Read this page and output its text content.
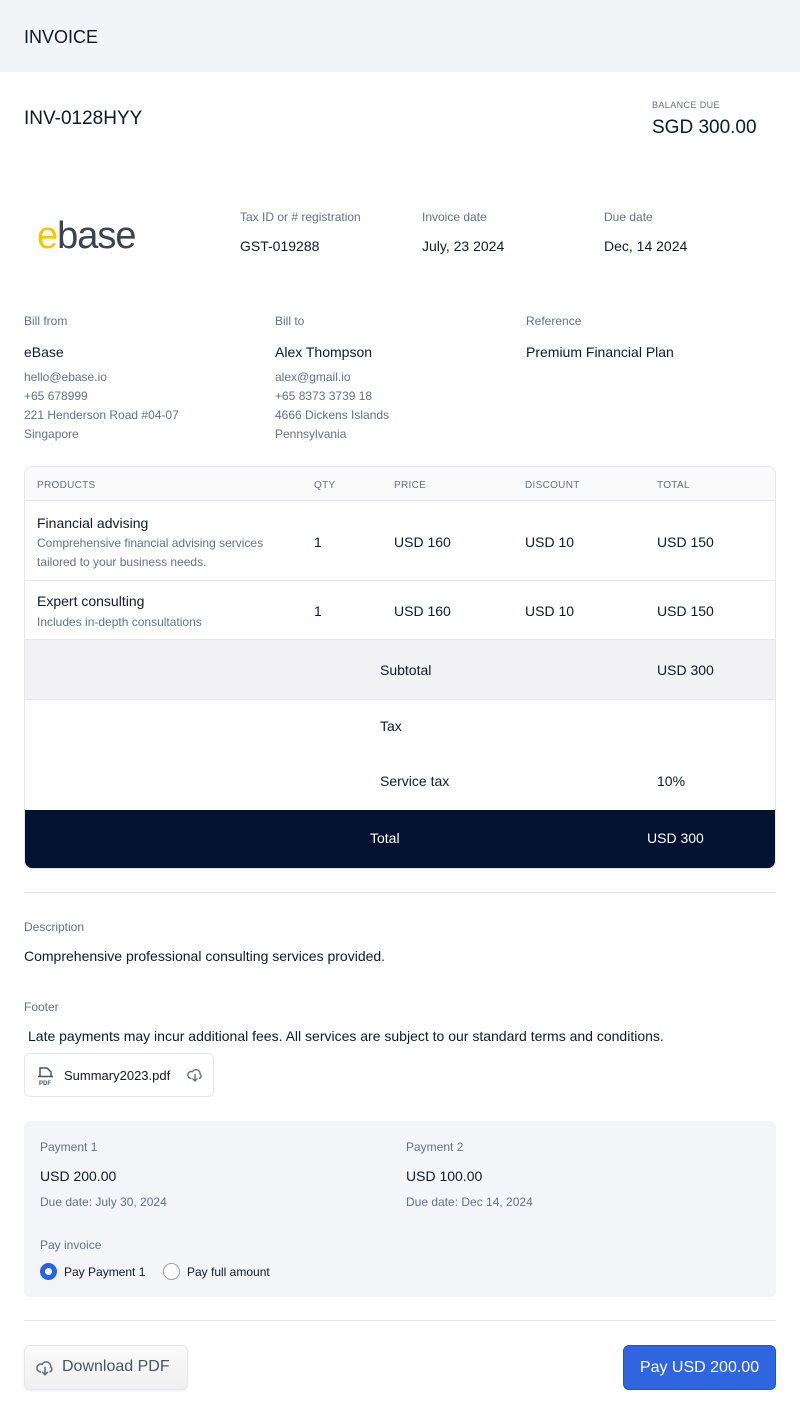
INVOICE
INV-0128HYY
BALANCE DUE
SGD 300.00
ebase	Tax ID or # registration
GST-019288
Invoice date
July, 23 2024
Due date
Dec, 14 2024
Bill from
eBase
hello@ebase.io
+65 678999
221 Henderson Road #04-07
Singapore
Bill to
Alex Thompson
alex@gmail.io
+65 8373 3739 18
4666 Dickens Islands
Pennsylvania
Reference
Premium Financial Plan
PRODUCTS	QTY	PRICE	DISCOUNT	TOTAL
Financial advising
Comprehensive financial advising services tailored to your business needs.
1	USD 160	USD 10	USD 150
Expert consulting
Includes in-depth consultations
1	USD 160	USD 10	USD 150
Subtotal	USD 300
Tax
Service tax	10%
Total	USD 300
Description
Comprehensive professional consulting services provided.
Footer
Late payments may incur additional fees. All services are subject to our standard terms and conditions.
PDF
Summary2023.pdf
Payment 1
USD 200.00
Due date: July 30, 2024
Payment 2
USD 100.00
Due date: Dec 14, 2024
Pay invoice
Pay Payment 1	Pay full amount
Download PDF	Pay USD 200.00
